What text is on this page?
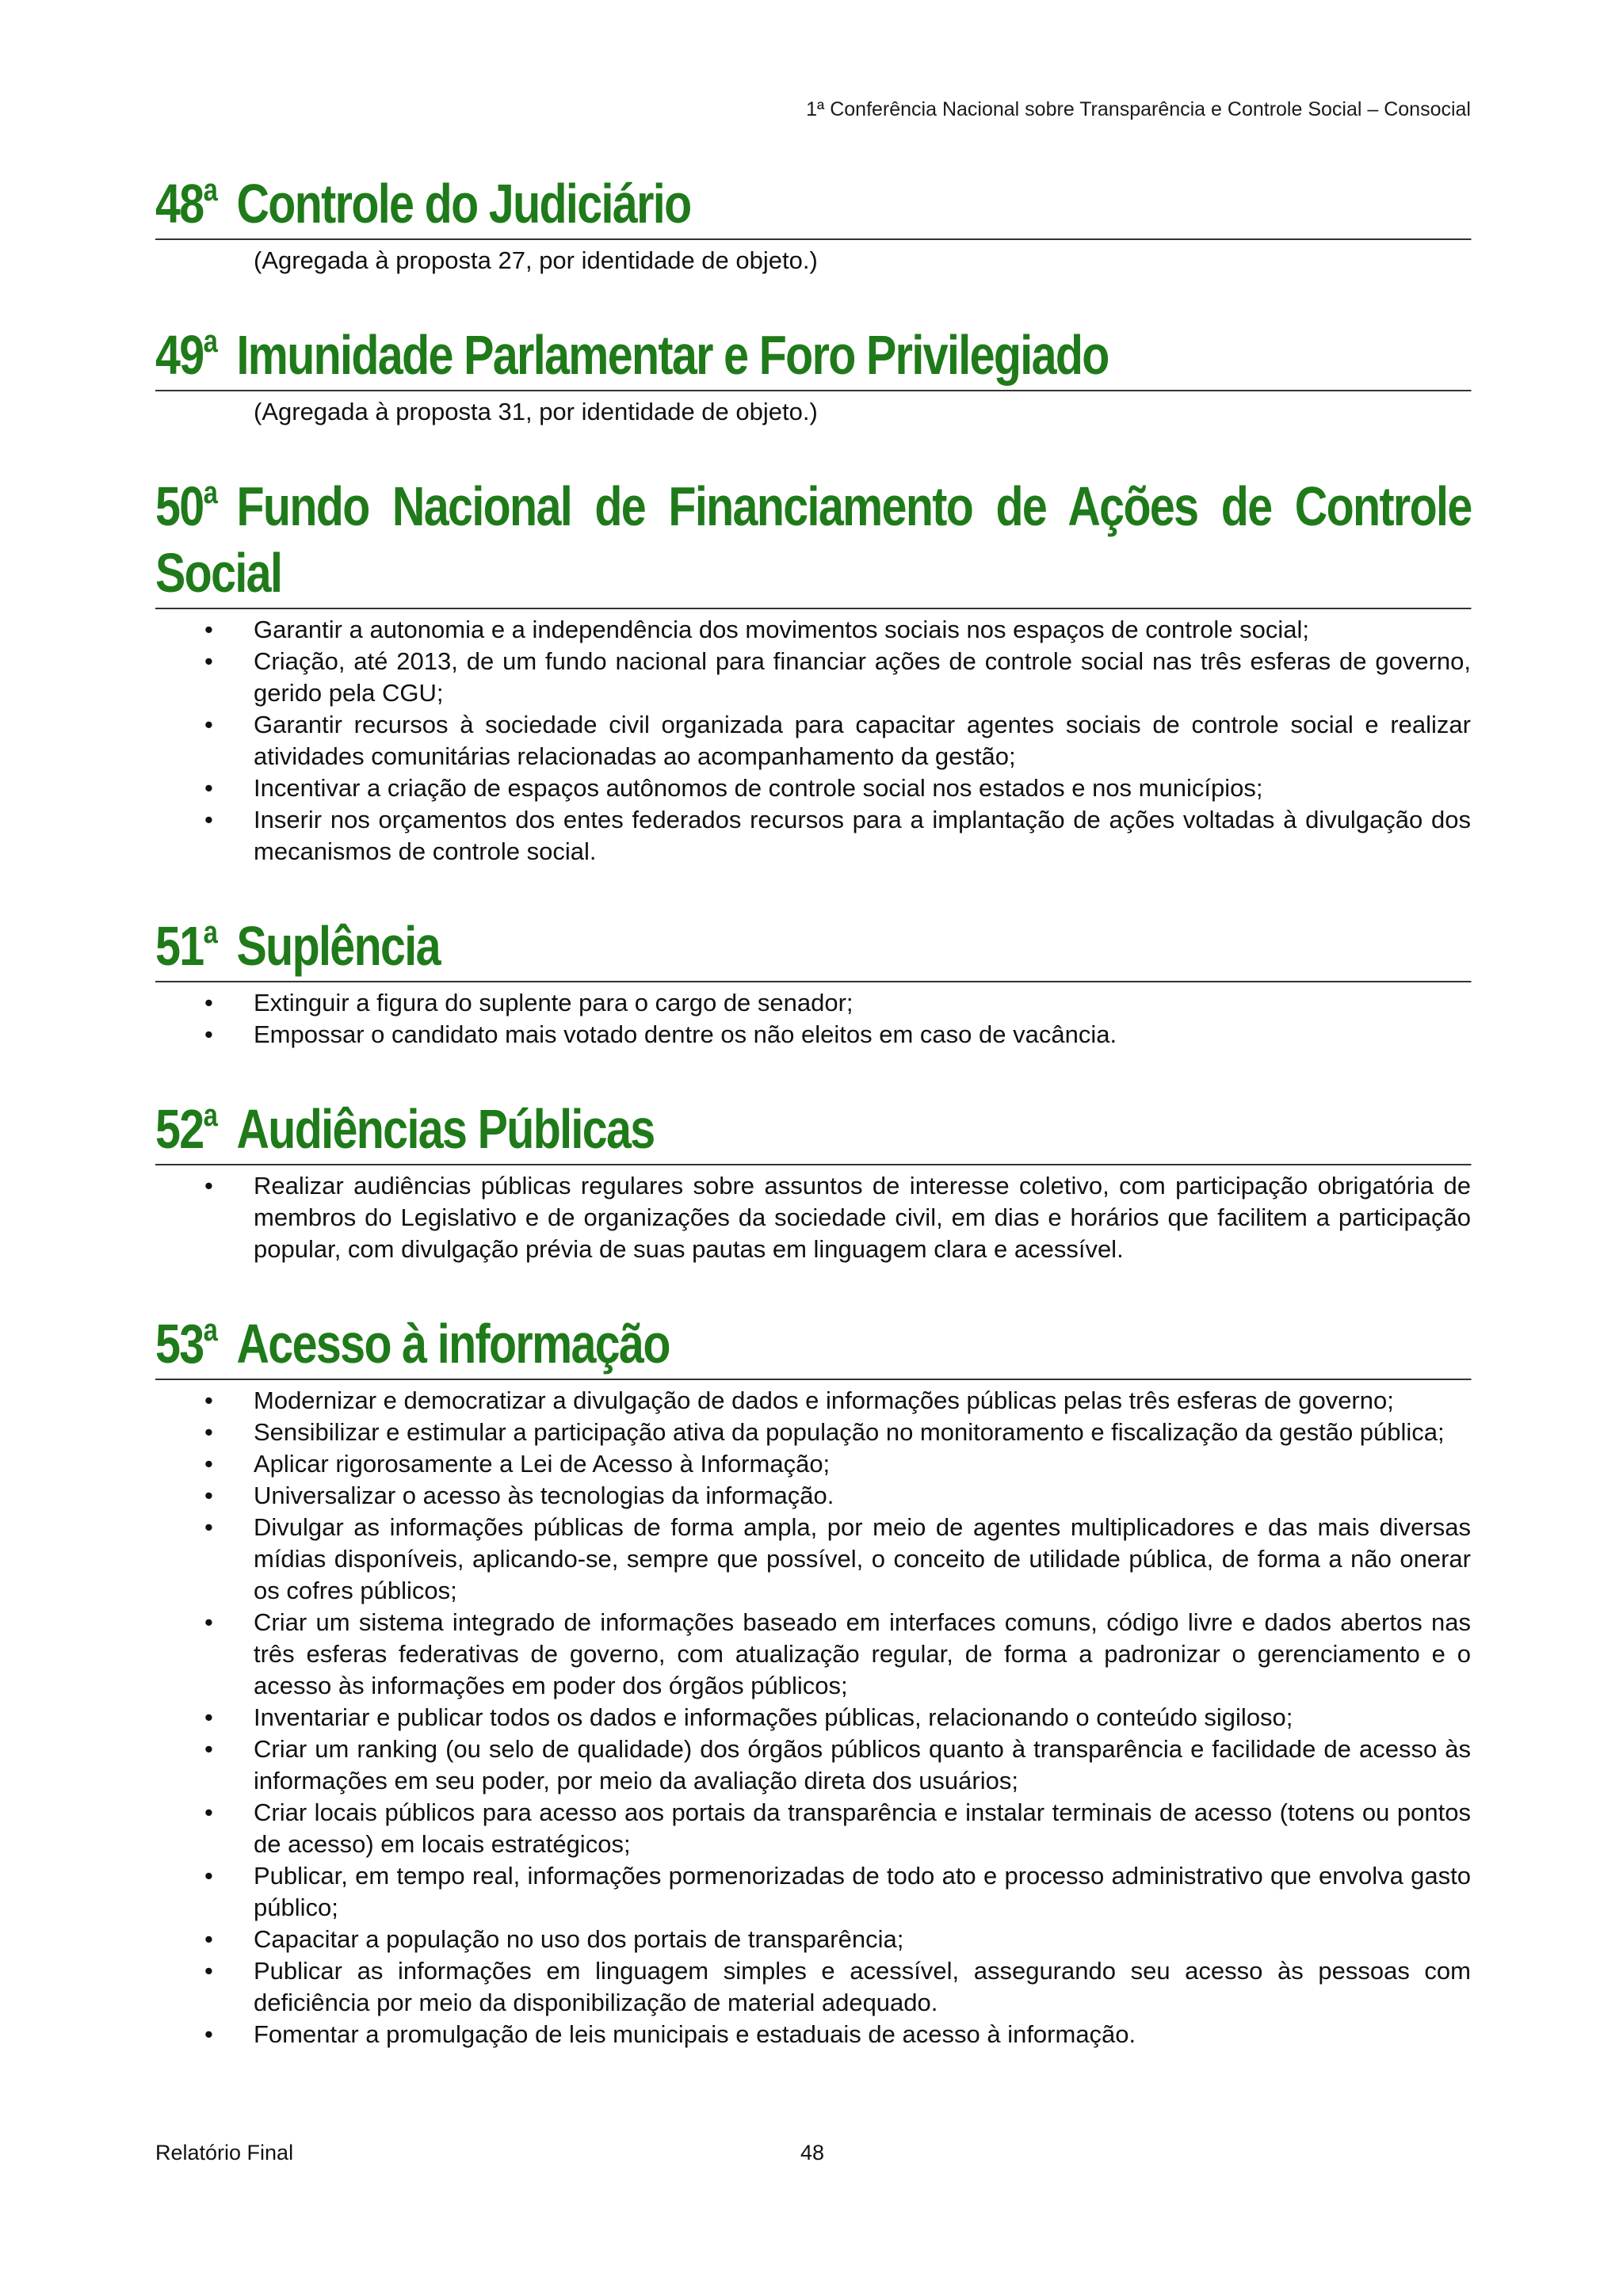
1ª Conferência Nacional sobre Transparência e Controle Social – Consocial
48$^a$ Controle do Judiciário
(Agregada à proposta 27, por identidade de objeto.)
49$^a$ Imunidade Parlamentar e Foro Privilegiado
(Agregada à proposta 31, por identidade de objeto.)
50$^a$ Fundo Nacional de Financiamento de Ações de Controle Social
• Garantir a autonomia e a independência dos movimentos sociais nos espaços de controle social;
• Criação, até 2013, de um fundo nacional para financiar ações de controle social nas três esferas de governo, gerido pela CGU;
• Garantir recursos à sociedade civil organizada para capacitar agentes sociais de controle social e realizar atividades comunitárias relacionadas ao acompanhamento da gestão;
• Incentivar a criação de espaços autônomos de controle social nos estados e nos municípios;
• Inserir nos orçamentos dos entes federados recursos para a implantação de ações voltadas à divulgação dos mecanismos de controle social.
51$^a$ Suplência
• Extinguir a figura do suplente para o cargo de senador;
• Empossar o candidato mais votado dentre os não eleitos em caso de vacância.
52$^a$ Audiências Públicas
• Realizar audiências públicas regulares sobre assuntos de interesse coletivo, com participação obrigatória de membros do Legislativo e de organizações da sociedade civil, em dias e horários que facilitem a participação popular, com divulgação prévia de suas pautas em linguagem clara e acessível.
53$^a$ Acesso à informação
• Modernizar e democratizar a divulgação de dados e informações públicas pelas três esferas de governo;
• Sensibilizar e estimular a participação ativa da população no monitoramento e fiscalização da gestão pública;
• Aplicar rigorosamente a Lei de Acesso à Informação;
• Universalizar o acesso às tecnologias da informação.
• Divulgar as informações públicas de forma ampla, por meio de agentes multiplicadores e das mais diversas mídias disponíveis, aplicando-se, sempre que possível, o conceito de utilidade pública, de forma a não onerar os cofres públicos;
• Criar um sistema integrado de informações baseado em interfaces comuns, código livre e dados abertos nas três esferas federativas de governo, com atualização regular, de forma a padronizar o gerenciamento e o acesso às informações em poder dos órgãos públicos;
• Inventariar e publicar todos os dados e informações públicas, relacionando o conteúdo sigiloso;
• Criar um ranking (ou selo de qualidade) dos órgãos públicos quanto à transparência e facilidade de acesso às informações em seu poder, por meio da avaliação direta dos usuários;
• Criar locais públicos para acesso aos portais da transparência e instalar terminais de acesso (totens ou pontos de acesso) em locais estratégicos;
• Publicar, em tempo real, informações pormenorizadas de todo ato e processo administrativo que envolva gasto público;
• Capacitar a população no uso dos portais de transparência;
• Publicar as informações em linguagem simples e acessível, assegurando seu acesso às pessoas com deficiência por meio da disponibilização de material adequado.
• Fomentar a promulgação de leis municipais e estaduais de acesso à informação.
Relatório Final	48
